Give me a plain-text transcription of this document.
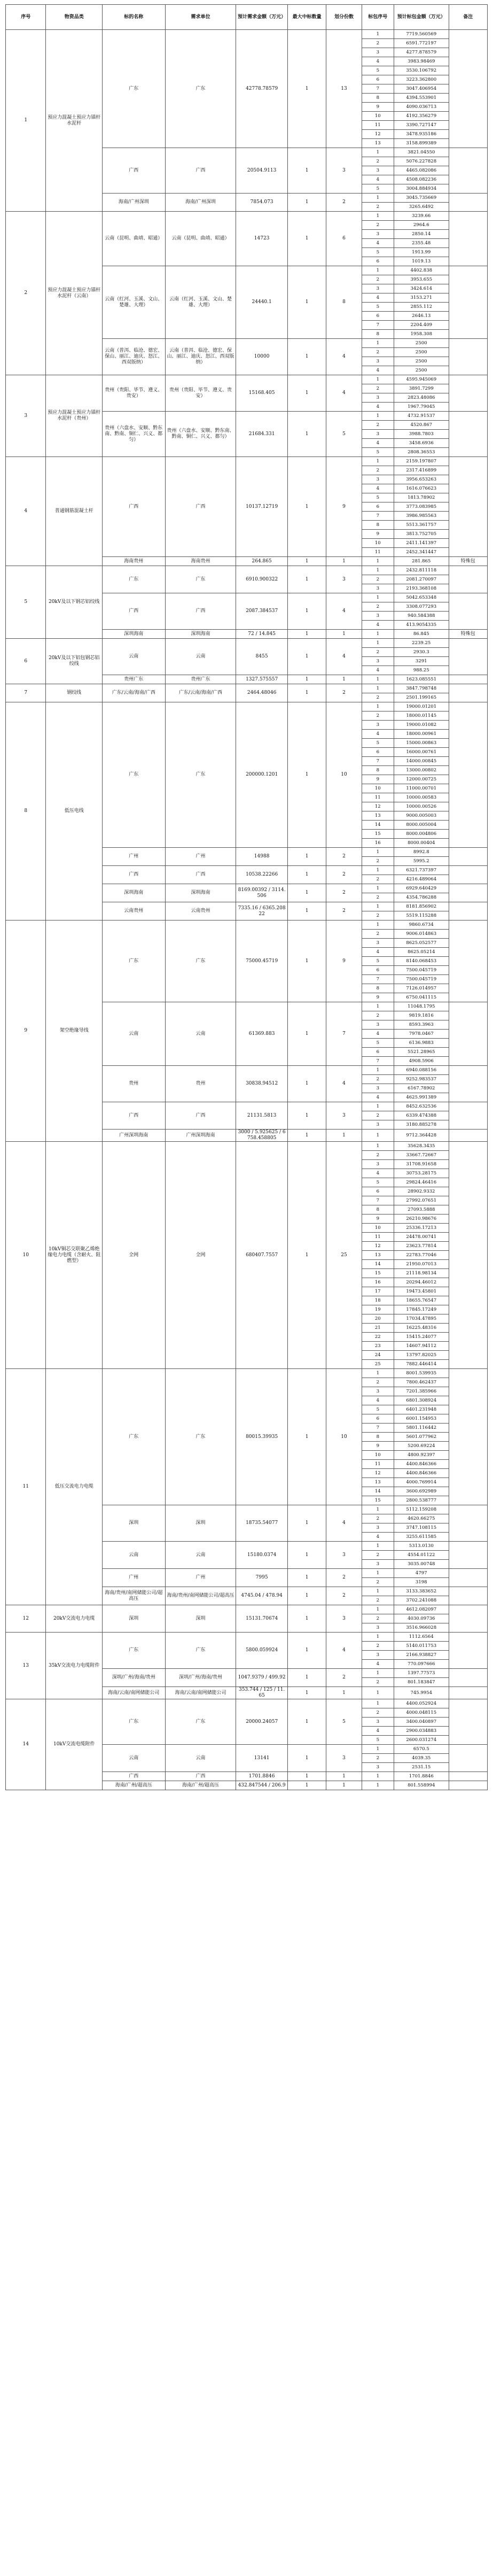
序号	物资品类	标的名称	需求单位	预计需求金额（万元）	最大中标数量	划分份数	标包序号	预计标包金额（万元）	备注
1	预应力混凝土预应力锚杆水泥杆	广东	广东	42778.78579	1	13	1	7719.560569	
							2	6591.772197	
							3	4277.878579	
							4	3983.98469	
							5	3530.106792	
							6	3223.362800	
							7	3047.406954	
							8	4394.553901	
							9	4090.036713	
							10	4192.356279	
							11	3390.727147	
							12	3478.935186	
							13	3158.899389	
		广西	广西	20504.9113	1	3	1	3821.04550	
							2	5076.227828	
							3	4465.082086	
							4	4508.082236	
							5	3004.884934	
		海南/广州深圳	海南/广州深圳	7854.073	1	2	1	3045.735669	
							2	3265.6492	
2	预应力混凝土预应力锚杆水泥杆（云南）	云南（昆明、曲靖、昭通）	云南（昆明、曲靖、昭通）	14723	1	6	1	3239.66	
							2	2964.6	
							3	2850.14	
							4	2355.48	
							5	1913.99	
							6	1019.13	
		云南（红河、玉溪、文山、楚雄、大理）	云南（红河、玉溪、文山、楚雄、大理）	24440.1	1	8	1	4402.838	
							2	3953.655	
							3	3424.614	
							4	3153.271	
							5	2855.112	
							6	2646.13	
							7	2204.409	
							8	1958.308	
		云南（普洱、临沧、德宏、保山、丽江、迪庆、怒江、西双版纳）	云南（普洱、临沧、德宏、保山、丽江、迪庆、怒江、西双版纳）	10000	1	4	1	2500	
							2	2500	
							3	2500	
							4	2500	
3	预应力混凝土预应力锚杆水泥杆（贵州）	贵州（贵阳、毕节、遵义、贵安）	贵州（贵阳、毕节、遵义、贵安）	15168.405	1	4	1	4595.945069	
							2	3891.7299	
							3	2823.48086	
							4	1967.79045	
		贵州（六盘水、安顺、黔东南、黔南、铜仁、兴义、都匀）	贵州（六盘水、安顺、黔东南、黔南、铜仁、兴义、都匀）	21684.331	1	5	1	4732.91537	
							2	4520.867	
							3	3988.7803	
							4	3458.6936	
							5	2808.36553	
4	普通钢筋混凝土杆	广西	广西	10137.12719	1	9	1	2159.197807	
							2	2317.416899	
							3	3956.653263	
							4	1616.076623	
							5	1813.78902	
							6	3773.083985	
							7	3986.985563	
							8	5513.361757	
							9	3813.752705	
							10	2411.141397	
							11	2452.341447	
		海南贵州	海南贵州	264.865	1	1	1	281.865	特殊包
5	20kV及以下钢芯铝绞线	广东	广东	6910.900322	1	3	1	2432.811118	
							2	2081.270097	
							3	2193.368108	
		广西	广西	2087.384537	1	4	1	5042.653348	
							2	3308.077293	
							3	940.584388	
							4	413.9054335	
		深圳海南	深圳海南	72 / 14.845	1	1	1	86.845	特殊包
6	20kV及以下铝包钢芯铝绞线	云南	云南	8455	1	4	1	2239.25	
							2	2930.3	
							3	3291	
							4	988.25	
		贵州广东	贵州广东	1327.575557	1	1	1	1623.085551	
7	钢绞线	广东/云南/海南/广西	广东/云南/海南/广西	2464.48046	1	2	1	3847.798748	
							2	2501.199165	
8	低压电线	广东	广东	200000.1201	1	10	1	19000.01201	
							2	18000.01145	
							3	19000.01082	
							4	18000.00961	
							5	15000.00863	
							6	16000.00761	
							7	14000.00845	
							8	13000.00802	
							9	12000.00725	
							10	11000.00701	
							11	10000.00583	
							12	10000.00526	
							13	9000.005003	
							14	8000.005004	
							15	8000.004806	
							16	8000.00404	
		广州	广州	14988	1	2	1	8992.8	
							2	5995.2	
		广西	广西	10538.22266	1	2	1	6321.737397	
							2	4216.489064	
		深圳海南	深圳海南	8169.00392 / 3114.506	1	2	1	6929.640429	
							2	4354.786288	
		云南贵州	云南贵州	7335.16 / 6365.20822	1	2	1	8181.856902	
							2	5519.115288	
9	架空绝缘导线	广东	广东	75000.45719	1	9	1	9860.6734	
							2	9006.014863	
							3	8625.052577	
							4	8625.05214	
							5	8140.068453	
							6	7500.045719	
							7	7500.045719	
							8	7126.014957	
							9	6750.041115	
		云南	云南	61369.883	1	7	1	11048.1795	
							2	9819.1816	
							3	8593.3963	
							4	7978.0467	
							5	6136.9883	
							6	5521.28965	
							7	4908.5906	
		贵州	贵州	30838.94512	1	4	1	6940.088156	
							2	9252.983537	
							3	6167.78902	
							4	4625.991389	
		广西	广西	21131.5813	1	3	1	8452.632536	
							2	6339.474388	
							3	3180.885278	
		广州深圳海南	广州深圳海南	3000 / 5.925625 / 6758.458805	1	1	1	9712.364428	
10	10kV铜芯交联聚乙烯绝缘电力电缆（含耐火、阻燃型）	全网	全网	680407.7557	1	25	1	35628.3435	
							2	33667.72667	
							3	31708.91658	
							4	30753.28175	
							5	29824.46416	
							6	28902.9332	
							7	27992.07651	
							8	27093.5888	
							9	26210.98676	
							10	25336.17213	
							11	24478.00741	
							12	23623.77814	
							13	22783.77046	
							14	21950.07013	
							15	21118.98134	
							16	20294.46012	
							17	19473.45801	
							18	18655.76547	
							19	17845.17249	
							20	17034.47895	
							21	16225.48316	
							22	15415.24077	
							23	14607.94112	
							24	13797.82025	
							25	7882.446414	
11	低压交流电力电缆	广东	广东	80015.39935	1	10	1	8001.539935	
							2	7800.462437	
							3	7201.385966	
							4	6801.308924	
							5	6401.231948	
							6	6001.154953	
							7	5801.116442	
							8	5601.077962	
							9	5200.69224	
							10	4800.92397	
							11	4400.846366	
							12	4400.846366	
							13	4000.769914	
							14	3600.692989	
							15	2800.538777	
		深圳	深圳	18735.54077	1	4	1	5112.159208	
							2	4620.66275	
							3	3747.108115	
							4	3255.611585	
		云南	云南	15180.0374	1	3	1	5313.0130	
							2	4554.01122	
							3	3035.00748	
		广州	广州	7995	1	2	1	4797	
							2	3198	
		海南/贵州/南网储能公司/超高压	海南/贵州/南网储能公司/超高压	4745.04 / 478.94	1	2	1	3133.383652	
							2	3702.241088	
12	20kV交流电力电缆	深圳	深圳	15131.70674	1	3	1	4612.082097	
							2	4030.09736	
							3	3516.966028	
13	35kV交流电力电缆附件	广东	广东	5800.059924	1	4	1	1112.6564	
							2	5140.011753	
							3	2166.938827	
							4	770.097666	
		深圳/广州/海南/贵州	深圳/广州/海南/贵州	1047.9379 / 499.92	1	2	1	1397.77573	
							2	801.183847	
		海南/云南/南网储能公司	海南/云南/南网储能公司	353.744 / 125 / 11.65	1	1	1	745.9954	
14	10kV交流电缆附件	广东	广东	20000.24057	1	5	1	4400.052924	
							2	4000.048115	
							3	3400.040897	
							4	2900.034883	
							5	2600.031274	
		云南	云南	13141	1	3	1	6570.5	
							2	4039.35	
							3	2531.15	
		广西	广西	1701.8846	1	1	1	1701.8846	
		海南/广州/超高压	海南/广州/超高压	432.847544 / 206.9	1	1	1	801.558994	
